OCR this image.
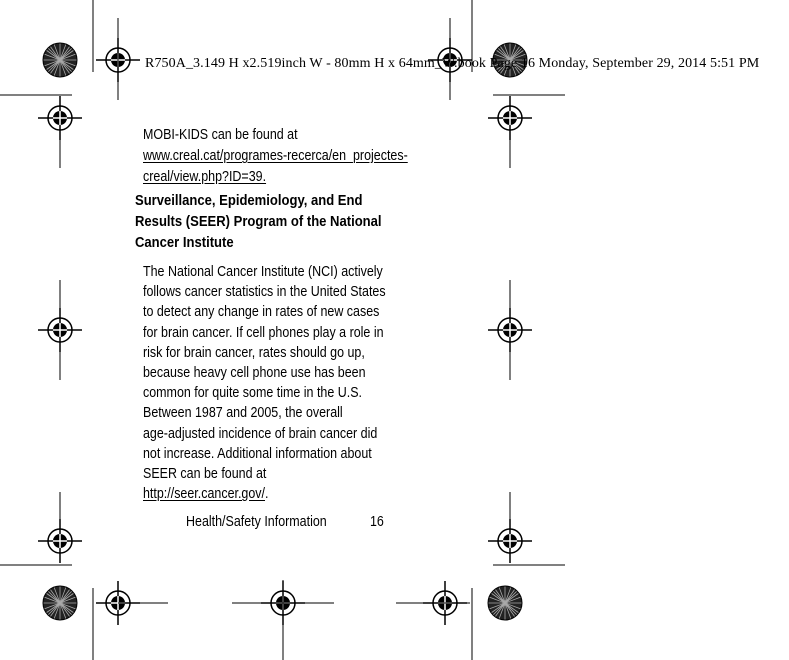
R750A_3.149 H x2.519inch W - 80mm H x 64mm_W.book Page 16 Monday, September 29, 2014 5:51 PM
MOBI-KIDS can be found at
www.creal.cat/programes-recerca/en_projectes-
creal/view.php?ID=39.
Surveillance, Epidemiology, and End
Results (SEER) Program of the National
Cancer Institute
The National Cancer Institute (NCI) actively
follows cancer statistics in the United States
to detect any change in rates of new cases
for brain cancer. If cell phones play a role in
risk for brain cancer, rates should go up,
because heavy cell phone use has been
common for quite some time in the U.S.
Between 1987 and 2005, the overall
age-adjusted incidence of brain cancer did
not increase. Additional information about
SEER can be found at
http://seer.cancer.gov/.
Health/Safety Information	16
